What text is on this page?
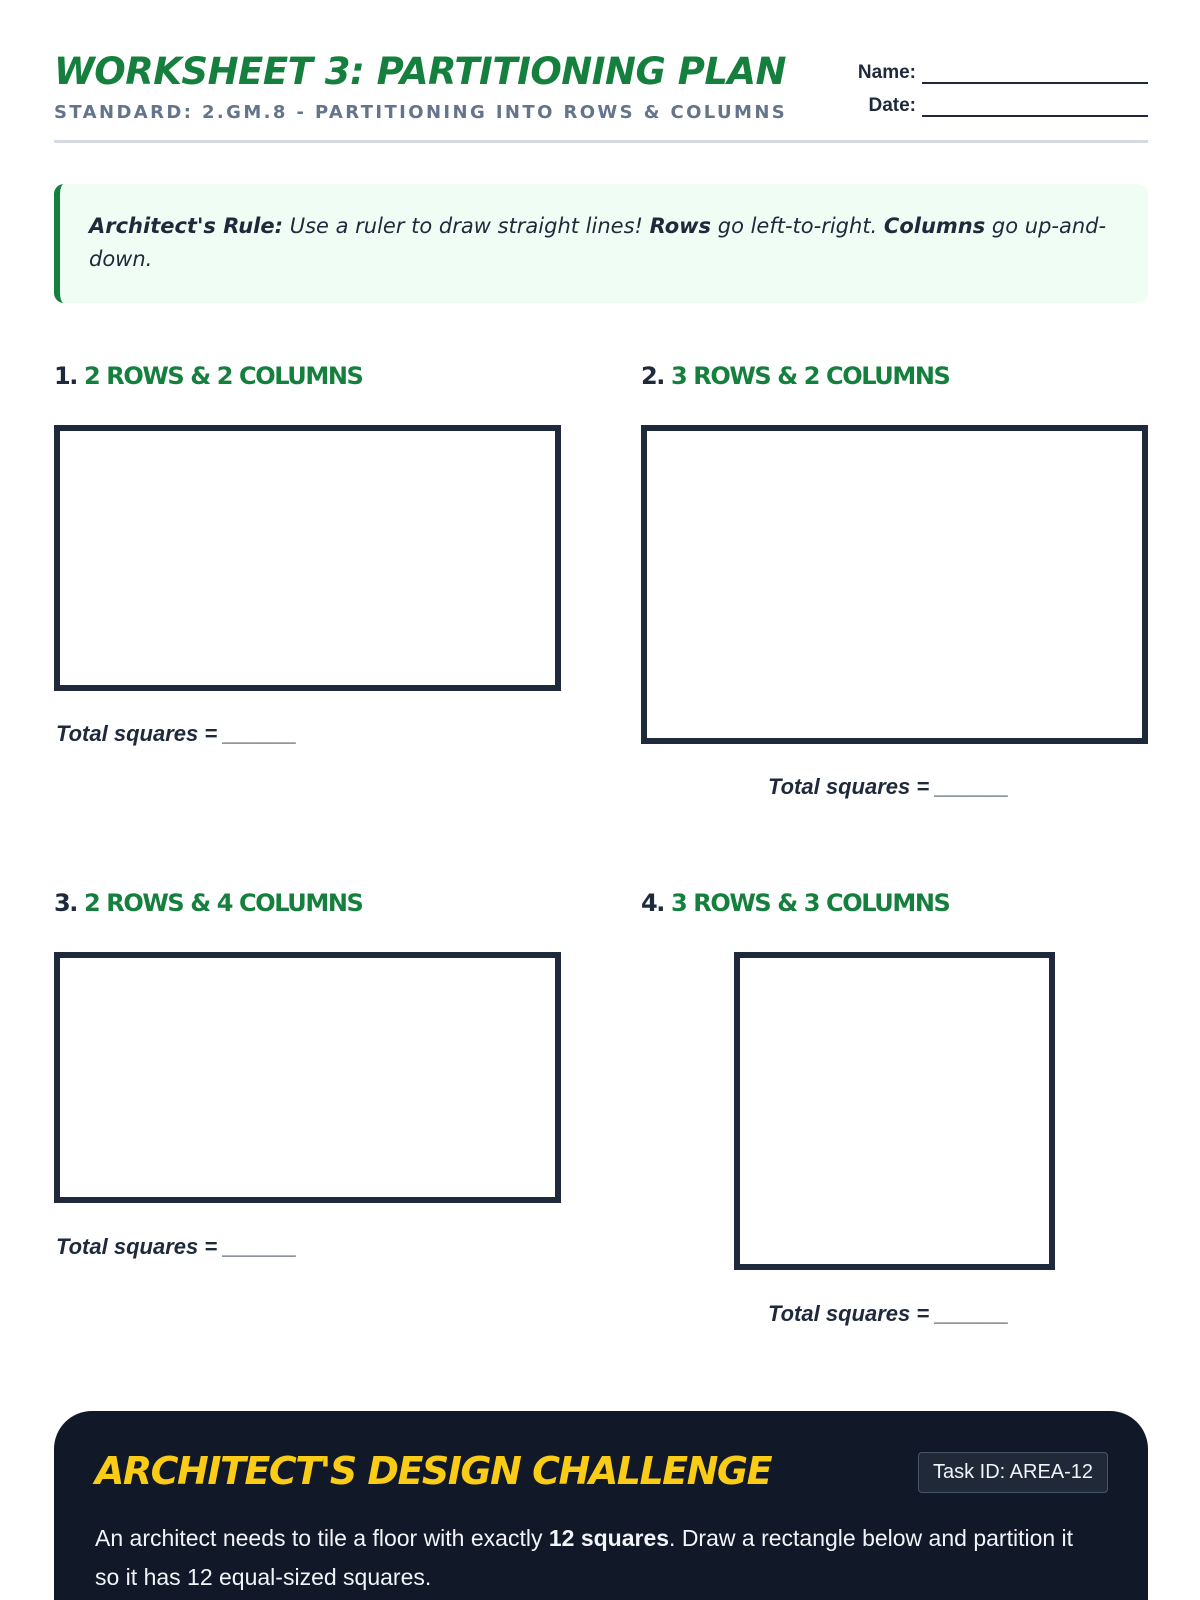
WORKSHEET 3: PARTITIONING PLAN
STANDARD: 2.GM.8 - PARTITIONING INTO ROWS & COLUMNS
Name:
Date:
Architect's Rule: Use a ruler to draw straight lines! Rows go left-to-right. Columns go up-and-down.
1. 2 ROWS & 2 COLUMNS
Total squares = ______
2. 3 ROWS & 2 COLUMNS
Total squares = ______
3. 2 ROWS & 4 COLUMNS
Total squares = ______
4. 3 ROWS & 3 COLUMNS
Total squares = ______
ARCHITECT'S DESIGN CHALLENGE	Task ID: AREA-12
An architect needs to tile a floor with exactly 12 squares. Draw a rectangle below and partition it so it has 12 equal-sized squares.
